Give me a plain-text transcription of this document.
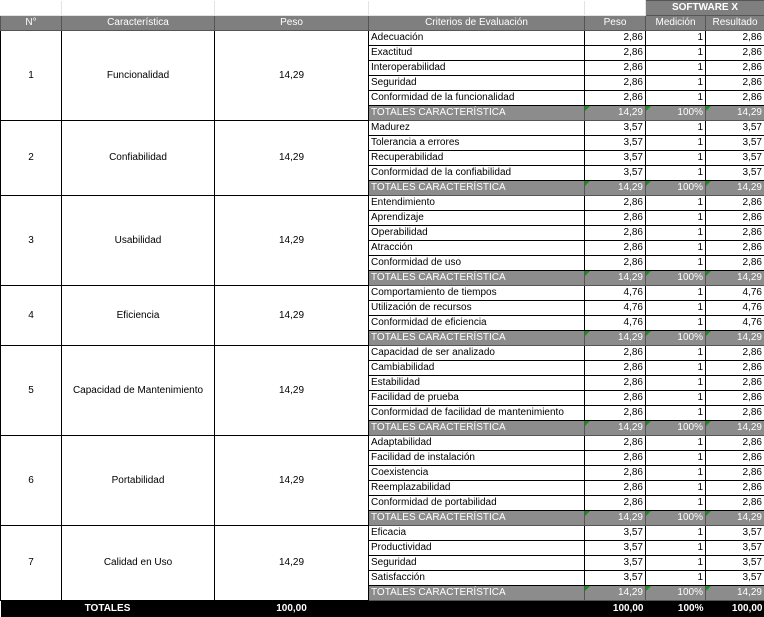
					SOFTWARE X	
N°	Característica	Peso	Criterios de Evaluación	Peso	Medición	Resultado
1	Funcionalidad	14,29	Adecuación	2,86	1	2,86
			Exactitud	2,86	1	2,86
			Interoperabilidad	2,86	1	2,86
			Seguridad	2,86	1	2,86
			Conformidad de la funcionalidad	2,86	1	2,86
			TOTALES CARACTERÍSTICA	14,29	100%	14,29
2	Confiabilidad	14,29	Madurez	3,57	1	3,57
			Tolerancia a errores	3,57	1	3,57
			Recuperabilidad	3,57	1	3,57
			Conformidad de la confiabilidad	3,57	1	3,57
			TOTALES CARACTERÍSTICA	14,29	100%	14,29
3	Usabilidad	14,29	Entendimiento	2,86	1	2,86
			Aprendizaje	2,86	1	2,86
			Operabilidad	2,86	1	2,86
			Atracción	2,86	1	2,86
			Conformidad de uso	2,86	1	2,86
			TOTALES CARACTERÍSTICA	14,29	100%	14,29
4	Eficiencia	14,29	Comportamiento de tiempos	4,76	1	4,76
			Utilización de recursos	4,76	1	4,76
			Conformidad de eficiencia	4,76	1	4,76
			TOTALES CARACTERÍSTICA	14,29	100%	14,29
5	Capacidad de Mantenimiento	14,29	Capacidad de ser analizado	2,86	1	2,86
			Cambiabilidad	2,86	1	2,86
			Estabilidad	2,86	1	2,86
			Facilidad de prueba	2,86	1	2,86
			Conformidad de facilidad de mantenimiento	2,86	1	2,86
			TOTALES CARACTERÍSTICA	14,29	100%	14,29
6	Portabilidad	14,29	Adaptabilidad	2,86	1	2,86
			Facilidad de instalación	2,86	1	2,86
			Coexistencia	2,86	1	2,86
			Reemplazabilidad	2,86	1	2,86
			Conformidad de portabilidad	2,86	1	2,86
			TOTALES CARACTERÍSTICA	14,29	100%	14,29
7	Calidad en Uso	14,29	Eficacia	3,57	1	3,57
			Productividad	3,57	1	3,57
			Seguridad	3,57	1	3,57
			Satisfacción	3,57	1	3,57
			TOTALES CARACTERÍSTICA	14,29	100%	14,29
TOTALES		100,00		100,00	100%	100,00
